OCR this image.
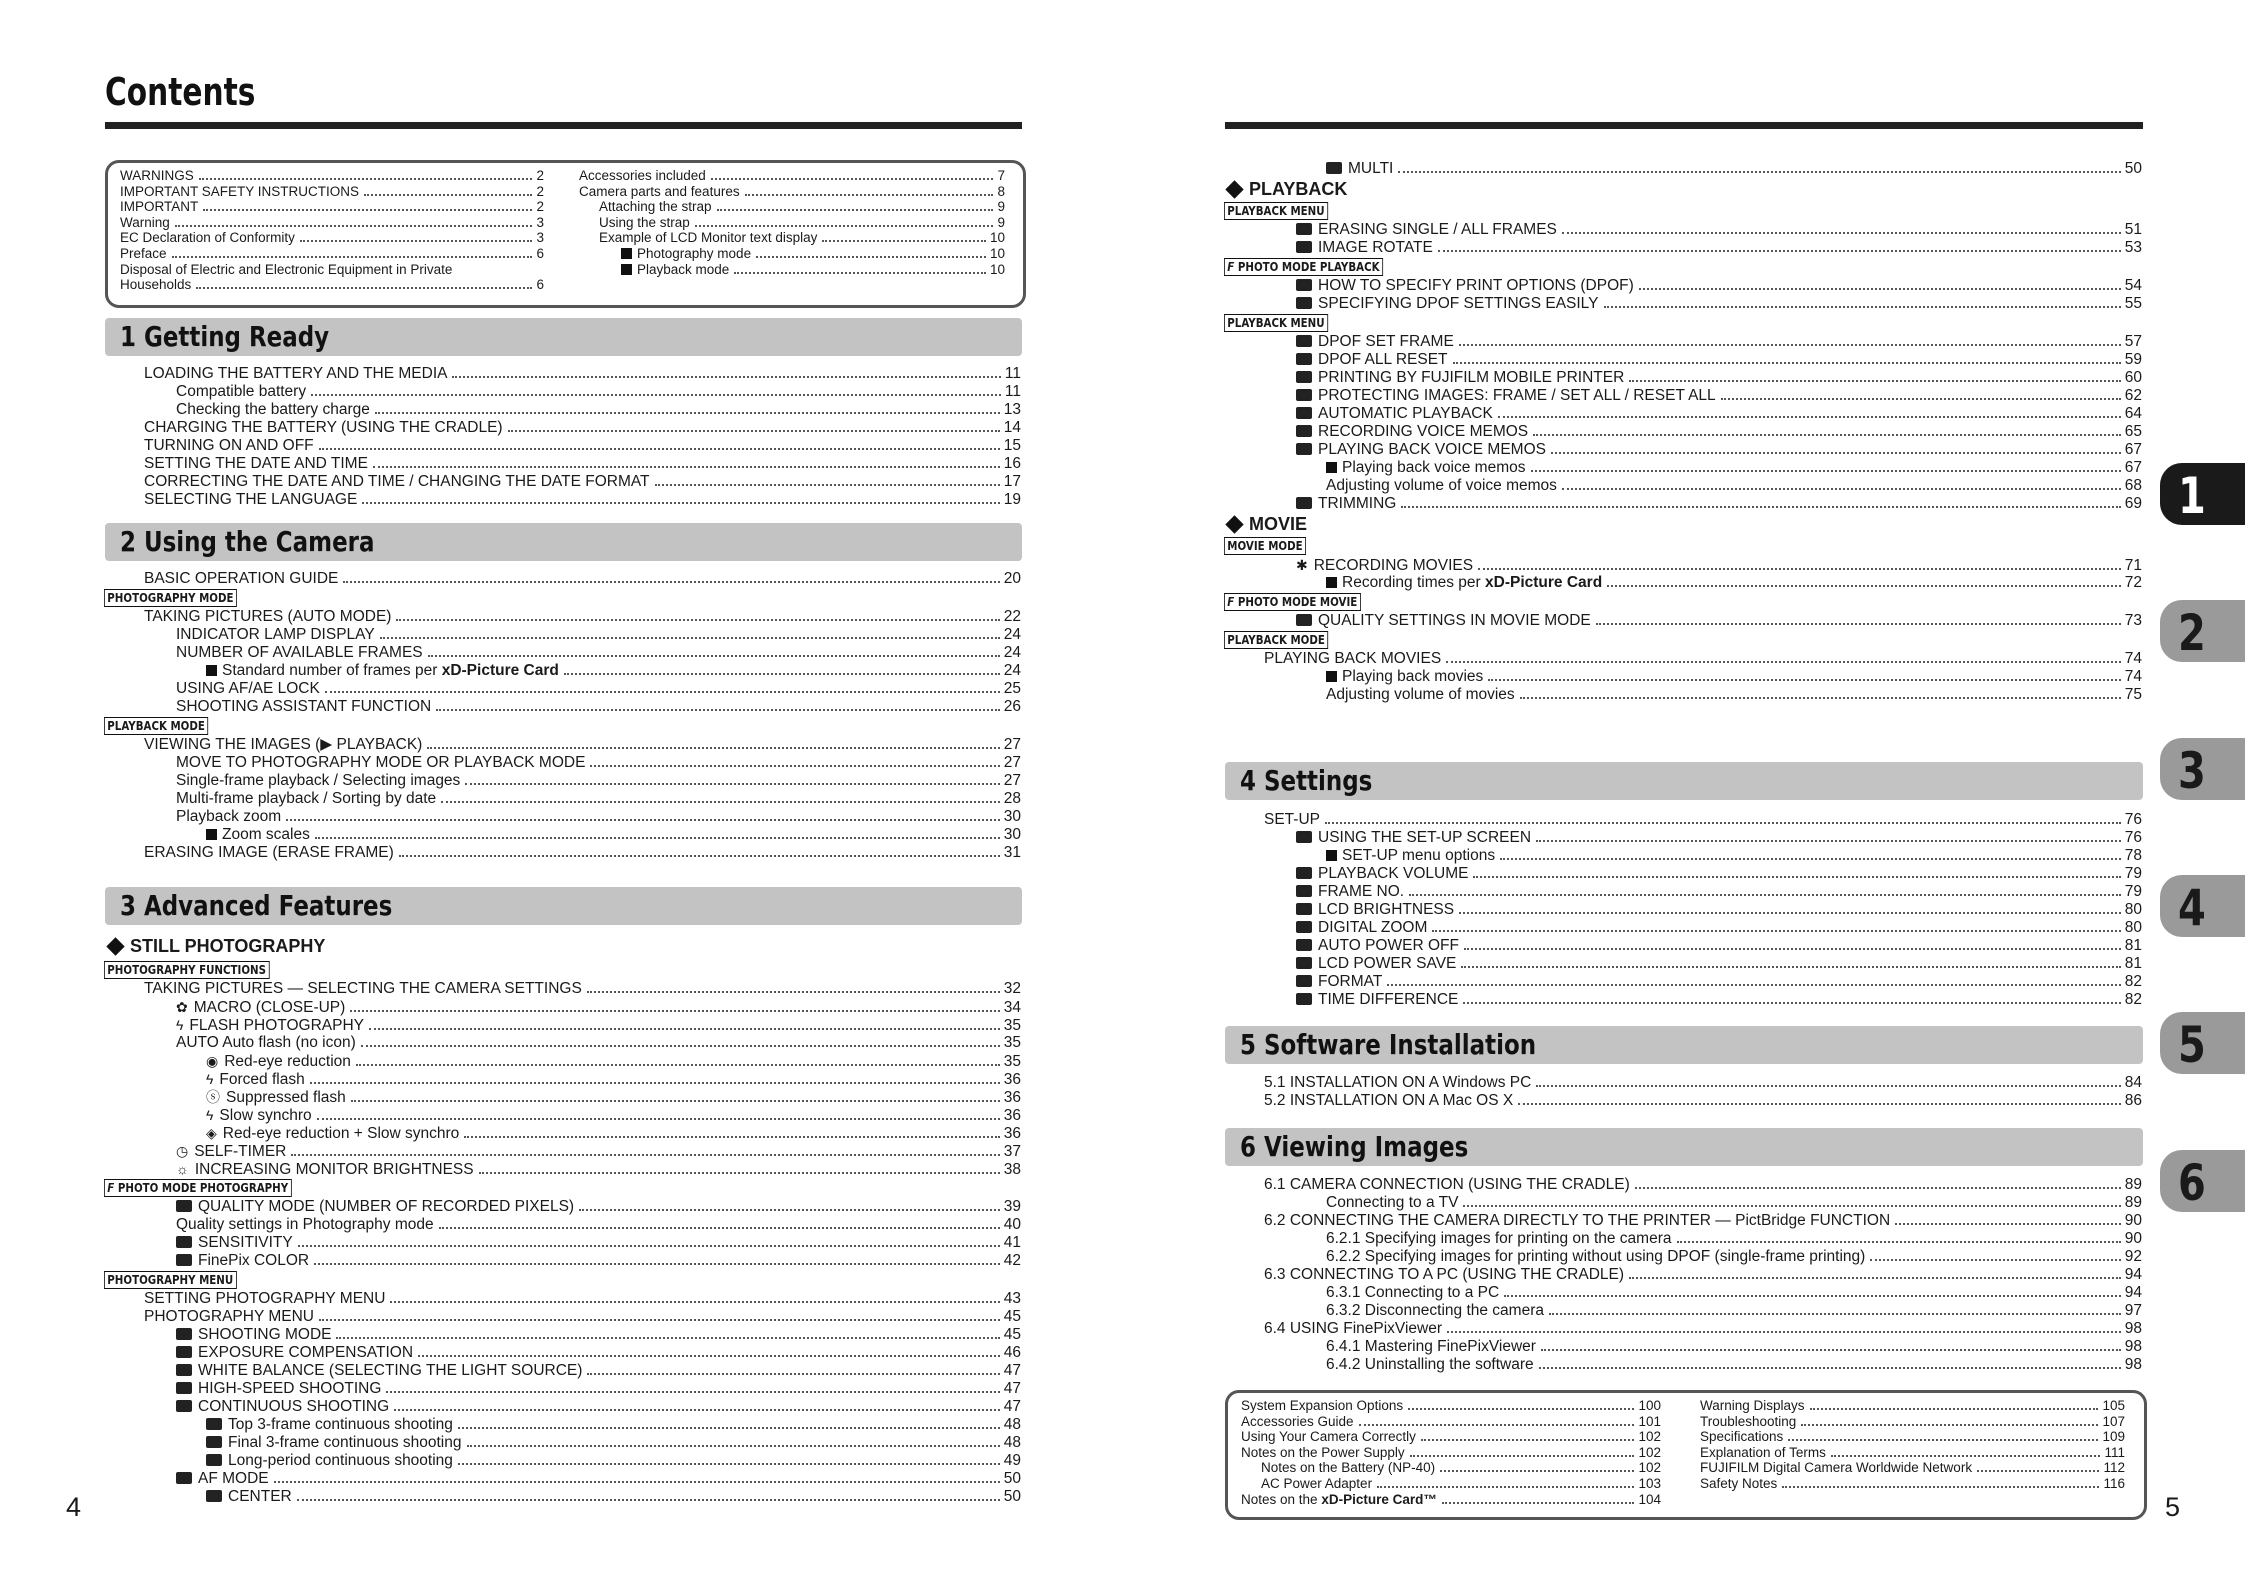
Contents
WARNINGS	2
IMPORTANT SAFETY INSTRUCTIONS	2
IMPORTANT	2
Warning	3
EC Declaration of Conformity	3
Preface	6
Disposal of Electric and Electronic Equipment in Private
Households	6
Accessories included	7
Camera parts and features	8
Attaching the strap	9
Using the strap	9
Example of LCD Monitor text display	10
Photography mode	10
Playback mode	10
1 Getting Ready
LOADING THE BATTERY AND THE MEDIA	11
Compatible battery	11
Checking the battery charge	13
CHARGING THE BATTERY (USING THE CRADLE)	14
TURNING ON AND OFF	15
SETTING THE DATE AND TIME	16
CORRECTING THE DATE AND TIME / CHANGING THE DATE FORMAT	17
SELECTING THE LANGUAGE	19
2 Using the Camera
BASIC OPERATION GUIDE	20
PHOTOGRAPHY MODE
TAKING PICTURES (AUTO MODE)	22
INDICATOR LAMP DISPLAY	24
NUMBER OF AVAILABLE FRAMES	24
Standard number of frames per xD-Picture Card	24
USING AF/AE LOCK	25
SHOOTING ASSISTANT FUNCTION	26
PLAYBACK MODE
VIEWING THE IMAGES (▶ PLAYBACK)	27
MOVE TO PHOTOGRAPHY MODE OR PLAYBACK MODE	27
Single-frame playback / Selecting images	27
Multi-frame playback / Sorting by date	28
Playback zoom	30
Zoom scales	30
ERASING IMAGE (ERASE FRAME)	31
3 Advanced Features
STILL PHOTOGRAPHY
PHOTOGRAPHY FUNCTIONS
TAKING PICTURES — SELECTING THE CAMERA SETTINGS	32
✿ MACRO (CLOSE-UP)	34
ϟ FLASH PHOTOGRAPHY	35
AUTO Auto flash (no icon)	35
◉ Red-eye reduction	35
ϟ Forced flash	36
ⓢ Suppressed flash	36
ϟ Slow synchro	36
◈ Red-eye reduction + Slow synchro	36
◷ SELF-TIMER	37
☼ INCREASING MONITOR BRIGHTNESS	38
𝙁 PHOTO MODE PHOTOGRAPHY
QUALITY MODE (NUMBER OF RECORDED PIXELS)	39
Quality settings in Photography mode	40
SENSITIVITY	41
FinePix COLOR	42
PHOTOGRAPHY MENU
SETTING PHOTOGRAPHY MENU	43
PHOTOGRAPHY MENU	45
SHOOTING MODE	45
EXPOSURE COMPENSATION	46
WHITE BALANCE (SELECTING THE LIGHT SOURCE)	47
HIGH-SPEED SHOOTING	47
CONTINUOUS SHOOTING	47
Top 3-frame continuous shooting	48
Final 3-frame continuous shooting	48
Long-period continuous shooting	49
AF MODE	50
CENTER	50
MULTI	50
PLAYBACK
PLAYBACK MENU
ERASING SINGLE / ALL FRAMES	51
IMAGE ROTATE	53
𝙁 PHOTO MODE PLAYBACK
HOW TO SPECIFY PRINT OPTIONS (DPOF)	54
SPECIFYING DPOF SETTINGS EASILY	55
PLAYBACK MENU
DPOF SET FRAME	57
DPOF ALL RESET	59
PRINTING BY FUJIFILM MOBILE PRINTER	60
PROTECTING IMAGES: FRAME / SET ALL / RESET ALL	62
AUTOMATIC PLAYBACK	64
RECORDING VOICE MEMOS	65
PLAYING BACK VOICE MEMOS	67
Playing back voice memos	67
Adjusting volume of voice memos	68
TRIMMING	69
MOVIE
MOVIE MODE
✱ RECORDING MOVIES	71
Recording times per xD-Picture Card	72
𝙁 PHOTO MODE MOVIE
QUALITY SETTINGS IN MOVIE MODE	73
PLAYBACK MODE
PLAYING BACK MOVIES	74
Playing back movies	74
Adjusting volume of movies	75
4 Settings
SET-UP	76
USING THE SET-UP SCREEN	76
SET-UP menu options	78
PLAYBACK VOLUME	79
FRAME NO.	79
LCD BRIGHTNESS	80
DIGITAL ZOOM	80
AUTO POWER OFF	81
LCD POWER SAVE	81
FORMAT	82
TIME DIFFERENCE	82
5 Software Installation
5.1 INSTALLATION ON A Windows PC	84
5.2 INSTALLATION ON A Mac OS X	86
6 Viewing Images
6.1 CAMERA CONNECTION (USING THE CRADLE)	89
Connecting to a TV	89
6.2 CONNECTING THE CAMERA DIRECTLY TO THE PRINTER — PictBridge FUNCTION	90
6.2.1 Specifying images for printing on the camera	90
6.2.2 Specifying images for printing without using DPOF (single-frame printing)	92
6.3 CONNECTING TO A PC (USING THE CRADLE)	94
6.3.1 Connecting to a PC	94
6.3.2 Disconnecting the camera	97
6.4 USING FinePixViewer	98
6.4.1 Mastering FinePixViewer	98
6.4.2 Uninstalling the software	98
System Expansion Options	100
Accessories Guide	101
Using Your Camera Correctly	102
Notes on the Power Supply	102
Notes on the Battery (NP-40)	102
AC Power Adapter	103
Notes on the xD-Picture Card™	104
Warning Displays	105
Troubleshooting	107
Specifications	109
Explanation of Terms	111
FUJIFILM Digital Camera Worldwide Network	112
Safety Notes	116
4	5
1
2
3
4
5
6
